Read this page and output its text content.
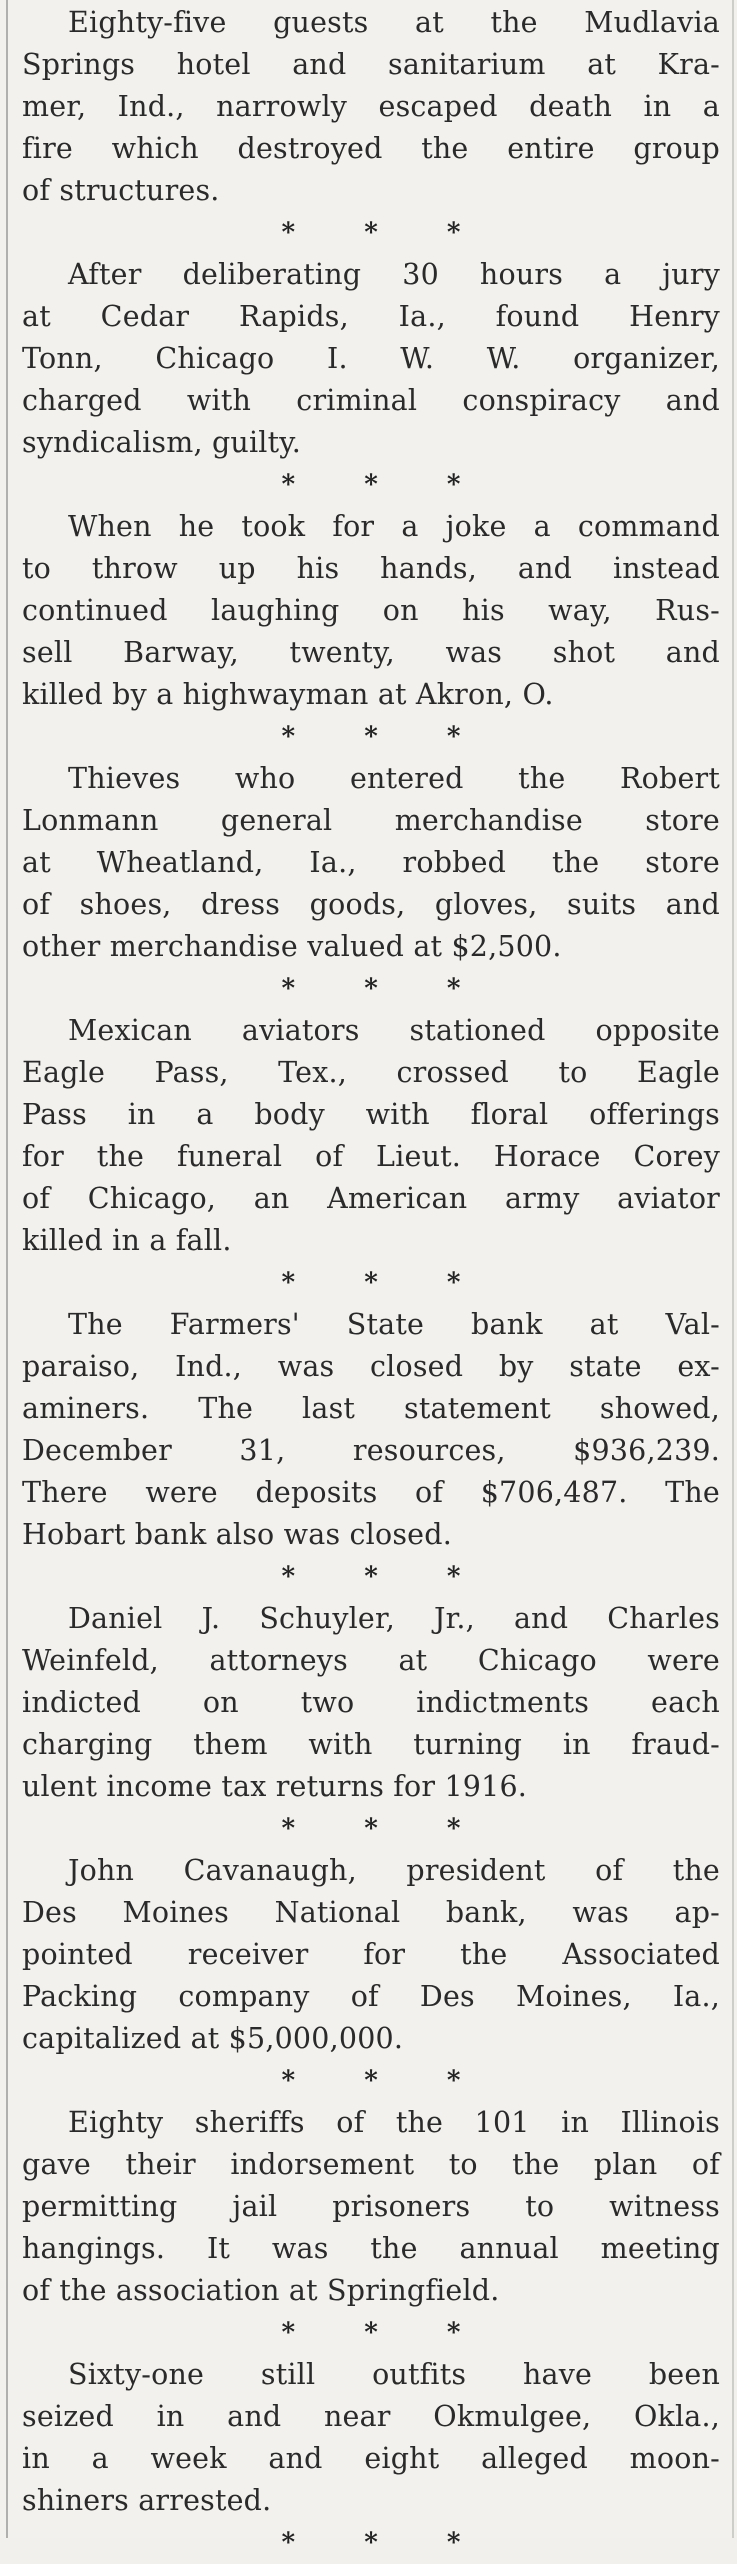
Eighty-five guests at the Mudlavia
Springs hotel and sanitarium at Kra-
mer, Ind., narrowly escaped death in a
fire which destroyed the entire group
of structures.
* * *
After deliberating 30 hours a jury
at Cedar Rapids, Ia., found Henry
Tonn, Chicago I. W. W. organizer,
charged with criminal conspiracy and
syndicalism, guilty.
* * *
When he took for a joke a command
to throw up his hands, and instead
continued laughing on his way, Rus-
sell Barway, twenty, was shot and
killed by a highwayman at Akron, O.
* * *
Thieves who entered the Robert
Lonmann general merchandise store
at Wheatland, Ia., robbed the store
of shoes, dress goods, gloves, suits and
other merchandise valued at $2,500.
* * *
Mexican aviators stationed opposite
Eagle Pass, Tex., crossed to Eagle
Pass in a body with floral offerings
for the funeral of Lieut. Horace Corey
of Chicago, an American army aviator
killed in a fall.
* * *
The Farmers' State bank at Val-
paraiso, Ind., was closed by state ex-
aminers. The last statement showed,
December 31, resources, $936,239.
There were deposits of $706,487. The
Hobart bank also was closed.
* * *
Daniel J. Schuyler, Jr., and Charles
Weinfeld, attorneys at Chicago were
indicted on two indictments each
charging them with turning in fraud-
ulent income tax returns for 1916.
* * *
John Cavanaugh, president of the
Des Moines National bank, was ap-
pointed receiver for the Associated
Packing company of Des Moines, Ia.,
capitalized at $5,000,000.
* * *
Eighty sheriffs of the 101 in Illinois
gave their indorsement to the plan of
permitting jail prisoners to witness
hangings. It was the annual meeting
of the association at Springfield.
* * *
Sixty-one still outfits have been
seized in and near Okmulgee, Okla.,
in a week and eight alleged moon-
shiners arrested.
* * *
